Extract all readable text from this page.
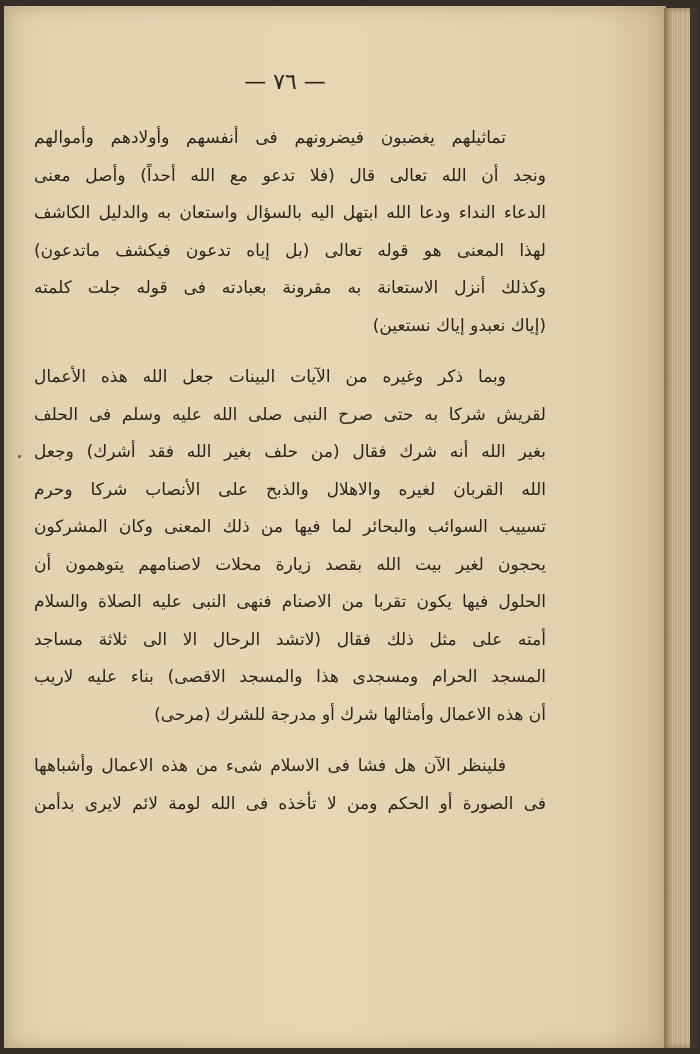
— ٧٦ —
تماثيلهم يغضبون فيضرونهم فى أنفسهم وأولادهم وأموالهم
ونجد أن الله تعالى قال (فلا تدعو مع الله أحداً) وأصل معنى
الدعاء النداء ودعا الله ابتهل اليه بالسؤال واستعان به والدليل الكاشف
لهذا المعنى هو قوله تعالى (بل إياه تدعون فيكشف ماتدعون)
وكذلك أنزل الاستعانة به مقرونة بعبادته فى قوله جلت كلمته
(إياك نعبدو إياك نستعين)
وبما ذكر وغيره من الآيات البينات جعل الله هذه الأعمال
لقريش شركا به حتى صرح النبى صلى الله عليه وسلم فى الحلف
بغير الله أنه شرك فقال (من حلف بغير الله فقد أشرك) وجعل
الله القربان لغيره والاهلال والذبح على الأنصاب شركا وحرم
تسييب السوائب والبحائر لما فيها من ذلك المعنى وكان المشركون
يحجون لغير بيت الله بقصد زيارة محلات لاصنامهم يتوهمون أن
الحلول فيها يكون تقربا من الاصنام فنهى النبى عليه الصلاة والسلام
أمته على مثل ذلك فقال (لاتشد الرحال الا الى ثلاثة مساجد
المسجد الحرام ومسجدى هذا والمسجد الاقصى) بناء عليه لاريب
أن هذه الاعمال وأمثالها شرك أو مدرجة للشرك (مرحى)
فلينظر الآن هل فشا فى الاسلام شىء من هذه الاعمال وأشباهها
فى الصورة أو الحكم ومن لا تأخذه فى الله لومة لائم لايرى بدأمن
